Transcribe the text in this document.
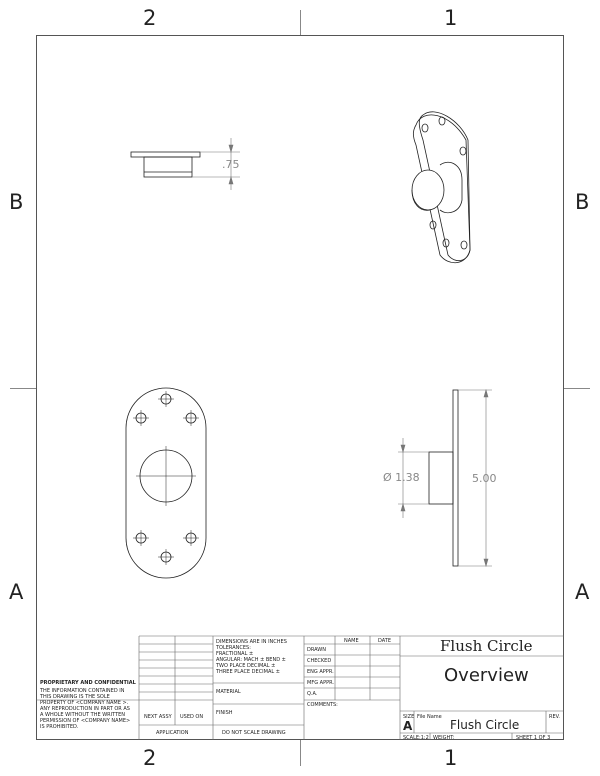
2	1
2	1
B	B
A	A
.75
Ø 1.38	5.00
PROPRIETARY AND CONFIDENTIAL
THE INFORMATION CONTAINED IN
THIS DRAWING IS THE SOLE
PROPERTY OF <COMPANY NAME >.
ANY REPRODUCTION IN PART OR AS
A WHOLE WITHOUT THE WRITTEN
PERMISSION OF <COMPANY NAME>
IS PROHIBITED.
NEXT ASSY USED ON
APPLICATION
DIMENSIONS ARE IN INCHES
TOLERANCES:
FRACTIONAL ±
ANGULAR: MACH ± BEND ±
TWO PLACE DECIMAL ±
THREE PLACE DECIMAL ±
MATERIAL
FINISH
DO NOT SCALE DRAWING
NAME	DATE
DRAWN
CHECKED
ENG APPR.
MFG APPR.
Q.A.
COMMENTS:
Flush Circle
Overview
SIZE
A
File Name
Flush Circle
REV.
SCALE:1:2 WEIGHT:	SHEET 1 OF 3
